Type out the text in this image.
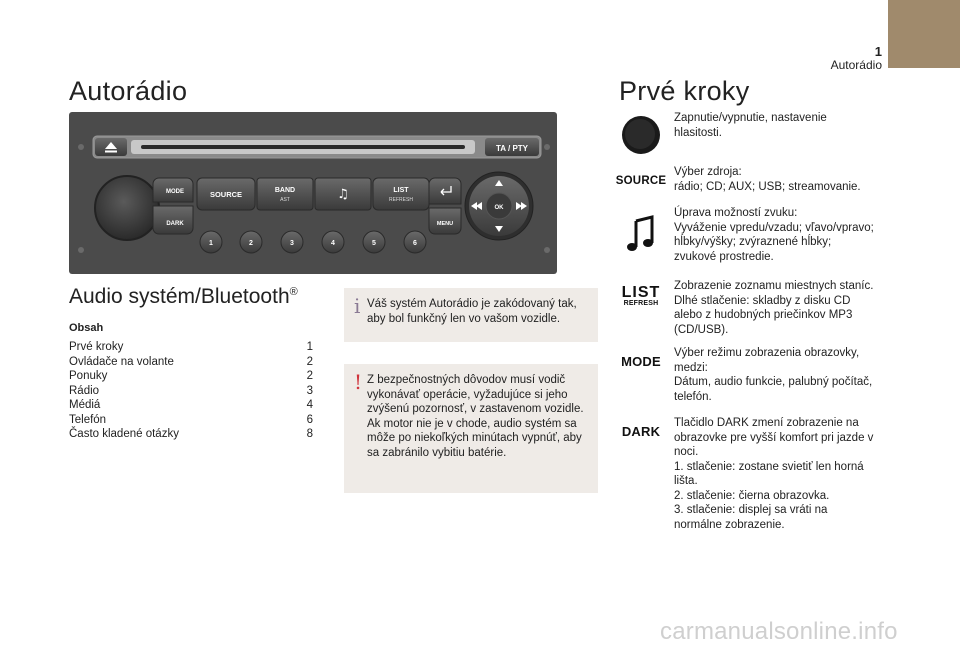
1
Autorádio
Autorádio
TA / PTY
MODE
DARK
SOURCE	BAND
AST	♫	LIST
REFRESH
MENU
OK
1	2	3	4	5	6
Audio systém/Bluetooth®
Obsah
Prvé kroky	1
Ovládače na volante	2
Ponuky	2
Rádio	3
Médiá	4
Telefón	6
Často kladené otázky	8
i Váš systém Autorádio je zakódovaný tak, aby bol funkčný len vo vašom vozidle.
! Z bezpečnostných dôvodov musí vodič vykonávať operácie, vyžadujúce si jeho zvýšenú pozornosť, v zastavenom vozidle. Ak motor nie je v chode, audio systém sa môže po niekoľkých minútach vypnúť, aby sa zabránilo vybitiu batérie.
Prvé kroky
Zapnutie/vypnutie, nastavenie hlasitosti.
SOURCE
Výber zdroja:
rádio; CD; AUX; USB; streamovanie.
Úprava možností zvuku:
Vyváženie vpredu/vzadu; vľavo/vpravo; hĺbky/výšky; zvýraznené hĺbky; zvukové prostredie.
LIST
REFRESH
Zobrazenie zoznamu miestnych staníc.
Dlhé stlačenie: skladby z disku CD alebo z hudobných priečinkov MP3 (CD/USB).
MODE
Výber režimu zobrazenia obrazovky, medzi:
Dátum, audio funkcie, palubný počítač, telefón.
DARK
Tlačidlo DARK zmení zobrazenie na obrazovke pre vyšší komfort pri jazde v noci.
1. stlačenie: zostane svietiť len horná lišta.
2. stlačenie: čierna obrazovka.
3. stlačenie: displej sa vráti na normálne zobrazenie.
carmanualsonline.info
